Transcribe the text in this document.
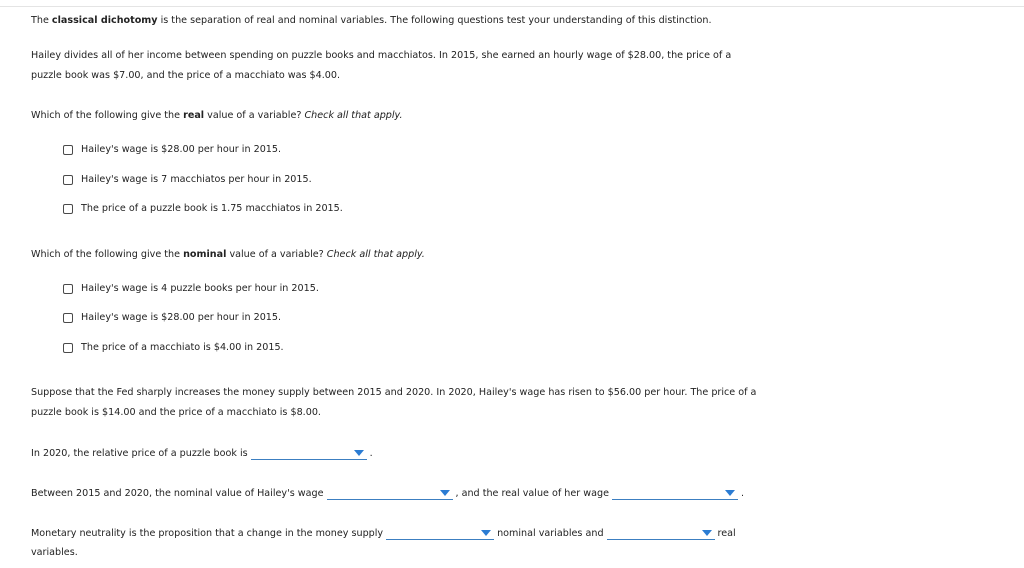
The classical dichotomy is the separation of real and nominal variables. The following questions test your understanding of this distinction.
Hailey divides all of her income between spending on puzzle books and macchiatos. In 2015, she earned an hourly wage of $28.00, the price of a
puzzle book was $7.00, and the price of a macchiato was $4.00.
Which of the following give the real value of a variable? Check all that apply.
Hailey's wage is $28.00 per hour in 2015.
Hailey's wage is 7 macchiatos per hour in 2015.
The price of a puzzle book is 1.75 macchiatos in 2015.
Which of the following give the nominal value of a variable? Check all that apply.
Hailey's wage is 4 puzzle books per hour in 2015.
Hailey's wage is $28.00 per hour in 2015.
The price of a macchiato is $4.00 in 2015.
Suppose that the Fed sharply increases the money supply between 2015 and 2020. In 2020, Hailey's wage has risen to $56.00 per hour. The price of a
puzzle book is $14.00 and the price of a macchiato is $8.00.
In 2020, the relative price of a puzzle book is	.
Between 2015 and 2020, the nominal value of Hailey's wage	, and the real value of her wage	.
Monetary neutrality is the proposition that a change in the money supply	nominal variables and	real
variables.
